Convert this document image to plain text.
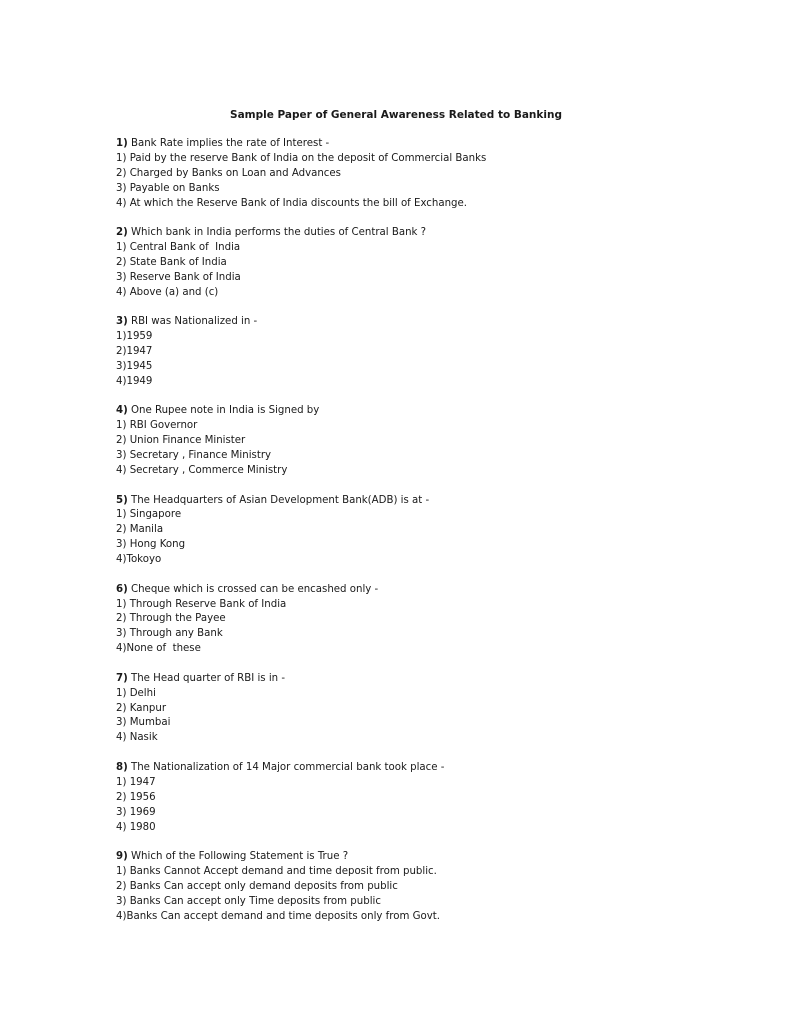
Sample Paper of General Awareness Related to Banking
1) Bank Rate implies the rate of Interest -
1) Paid by the reserve Bank of India on the deposit of Commercial Banks
2) Charged by Banks on Loan and Advances
3) Payable on Banks
4) At which the Reserve Bank of India discounts the bill of Exchange.
2) Which bank in India performs the duties of Central Bank ?
1) Central Bank of  India
2) State Bank of India
3) Reserve Bank of India
4) Above (a) and (c)
3) RBI was Nationalized in -
1)1959
2)1947
3)1945
4)1949
4) One Rupee note in India is Signed by
1) RBI Governor
2) Union Finance Minister
3) Secretary , Finance Ministry
4) Secretary , Commerce Ministry
5) The Headquarters of Asian Development Bank(ADB) is at -
1) Singapore
2) Manila
3) Hong Kong
4)Tokoyo
6) Cheque which is crossed can be encashed only -
1) Through Reserve Bank of India
2) Through the Payee
3) Through any Bank
4)None of  these
7) The Head quarter of RBI is in -
1) Delhi
2) Kanpur
3) Mumbai
4) Nasik
8) The Nationalization of 14 Major commercial bank took place -
1) 1947
2) 1956
3) 1969
4) 1980
9) Which of the Following Statement is True ?
1) Banks Cannot Accept demand and time deposit from public.
2) Banks Can accept only demand deposits from public
3) Banks Can accept only Time deposits from public
4)Banks Can accept demand and time deposits only from Govt.
